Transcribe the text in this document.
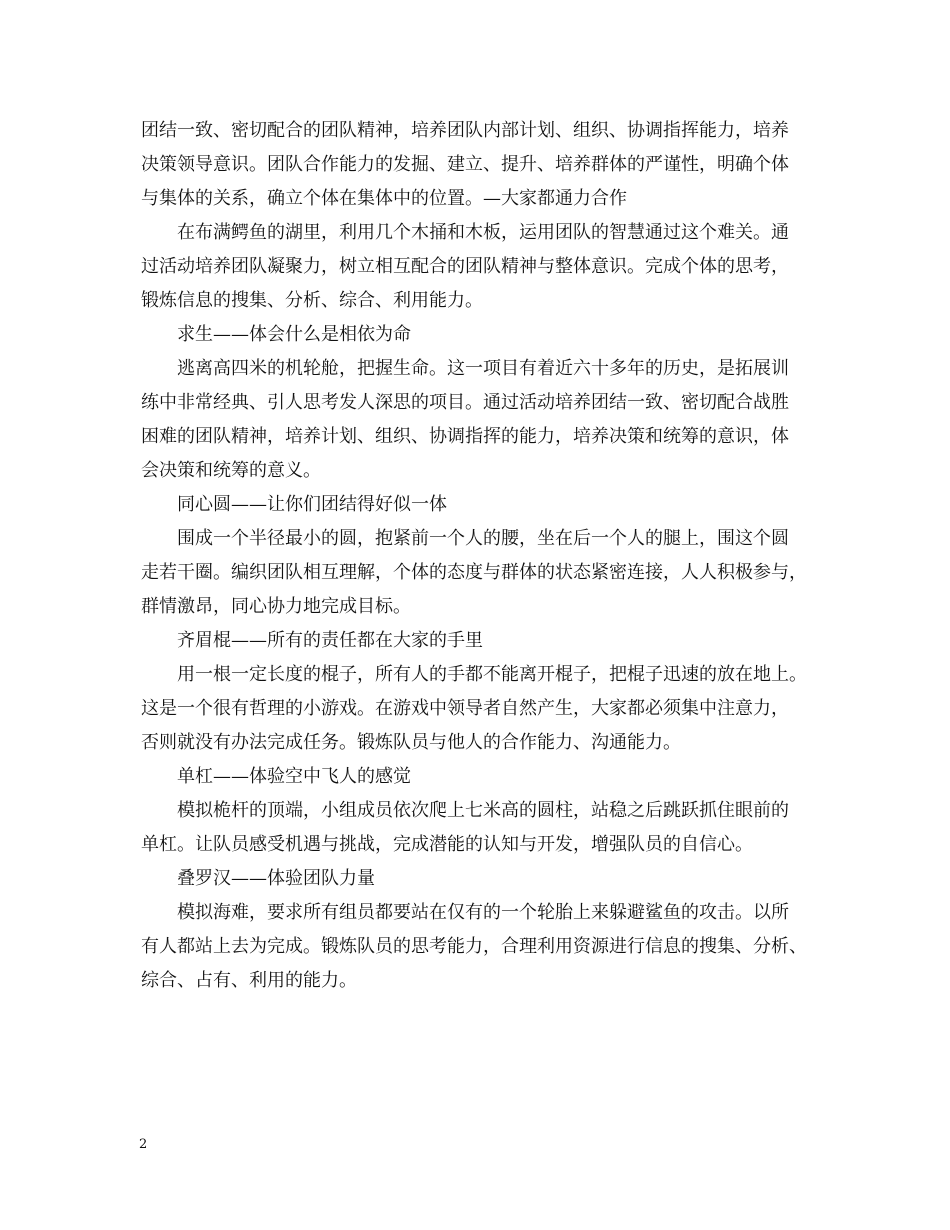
团结一致、密切配合的团队精神，培养团队内部计划、组织、协调指挥能力，培养
决策领导意识。团队合作能力的发掘、建立、提升、培养群体的严谨性，明确个体
与集体的关系，确立个体在集体中的位置。—大家都通力合作
在布满鳄鱼的湖里，利用几个木捅和木板，运用团队的智慧通过这个难关。通
过活动培养团队凝聚力，树立相互配合的团队精神与整体意识。完成个体的思考，
锻炼信息的搜集、分析、综合、利用能力。
求生——体会什么是相依为命
逃离高四米的机轮舱，把握生命。这一项目有着近六十多年的历史，是拓展训
练中非常经典、引人思考发人深思的项目。通过活动培养团结一致、密切配合战胜
困难的团队精神，培养计划、组织、协调指挥的能力，培养决策和统筹的意识，体
会决策和统筹的意义。
同心圆——让你们团结得好似一体
围成一个半径最小的圆，抱紧前一个人的腰，坐在后一个人的腿上，围这个圆
走若干圈。编织团队相互理解，个体的态度与群体的状态紧密连接，人人积极参与，
群情激昂，同心协力地完成目标。
齐眉棍——所有的责任都在大家的手里
用一根一定长度的棍子，所有人的手都不能离开棍子，把棍子迅速的放在地上。
这是一个很有哲理的小游戏。在游戏中领导者自然产生，大家都必须集中注意力，
否则就没有办法完成任务。锻炼队员与他人的合作能力、沟通能力。
单杠——体验空中飞人的感觉
模拟桅杆的顶端，小组成员依次爬上七米高的圆柱，站稳之后跳跃抓住眼前的
单杠。让队员感受机遇与挑战，完成潜能的认知与开发，增强队员的自信心。
叠罗汉——体验团队力量
模拟海难，要求所有组员都要站在仅有的一个轮胎上来躲避鲨鱼的攻击。以所
有人都站上去为完成。锻炼队员的思考能力，合理利用资源进行信息的搜集、分析、
综合、占有、利用的能力。
2
